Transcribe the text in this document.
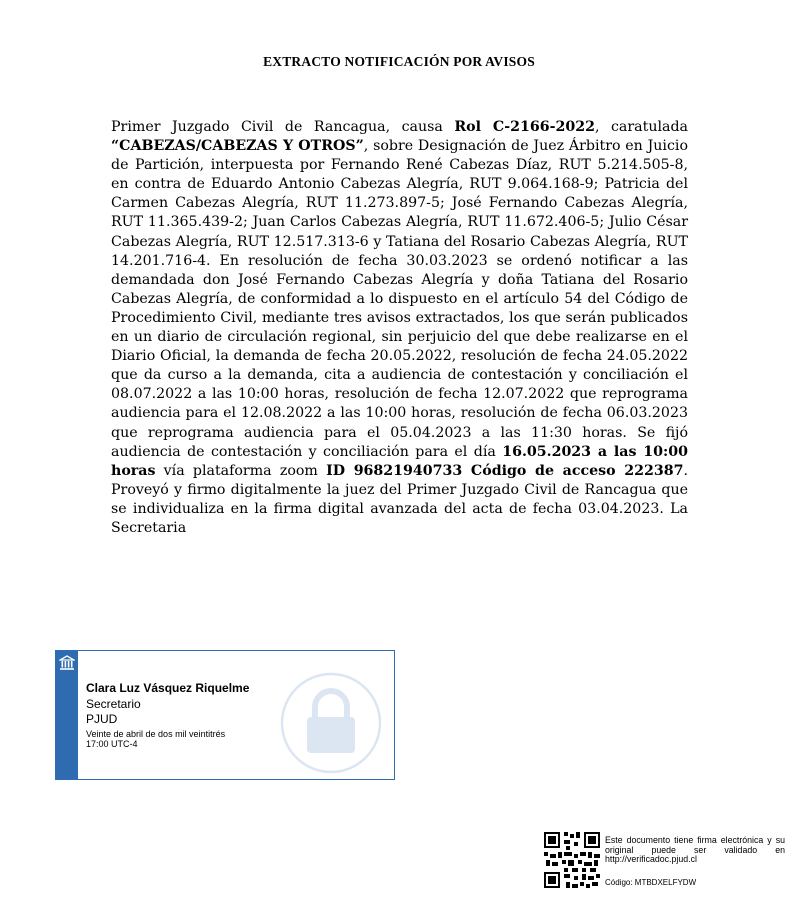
EXTRACTO NOTIFICACIÓN POR AVISOS
Primer Juzgado Civil de Rancagua, causa Rol C-2166-2022, caratulada “CABEZAS/CABEZAS Y OTROS”, sobre Designación de Juez Árbitro en Juicio de Partición, interpuesta por Fernando René Cabezas Díaz, RUT 5.214.505-8, en contra de Eduardo Antonio Cabezas Alegría, RUT 9.064.168-9; Patricia del Carmen Cabezas Alegría, RUT 11.273.897-5; José Fernando Cabezas Alegría, RUT 11.365.439-2; Juan Carlos Cabezas Alegría, RUT 11.672.406-5; Julio César Cabezas Alegría, RUT 12.517.313-6 y Tatiana del Rosario Cabezas Alegría, RUT 14.201.716-4. En resolución de fecha 30.03.2023 se ordenó notificar a las demandada don José Fernando Cabezas Alegría y doña Tatiana del Rosario Cabezas Alegría, de conformidad a lo dispuesto en el artículo 54 del Código de Procedimiento Civil, mediante tres avisos extractados, los que serán publicados en un diario de circulación regional, sin perjuicio del que debe realizarse en el Diario Oficial, la demanda de fecha 20.05.2022, resolución de fecha 24.05.2022 que da curso a la demanda, cita a audiencia de contestación y conciliación el 08.07.2022 a las 10:00 horas, resolución de fecha 12.07.2022 que reprograma audiencia para el 12.08.2022 a las 10:00 horas, resolución de fecha 06.03.2023 que reprograma audiencia para el 05.04.2023 a las 11:30 horas. Se fijó audiencia de contestación y conciliación para el día 16.05.2023 a las 10:00 horas vía plataforma zoom ID 96821940733 Código de acceso 222387. Proveyó y firmo digitalmente la juez del Primer Juzgado Civil de Rancagua que se individualiza en la firma digital avanzada del acta de fecha 03.04.2023. La Secretaria
Clara Luz Vásquez Riquelme
Secretario
PJUD
Veinte de abril de dos mil veintitrés
17:00 UTC-4
Este documento tiene firma electrónica y su original puede ser validado en http://verificadoc.pjud.cl
Código: MTBDXELFYDW
